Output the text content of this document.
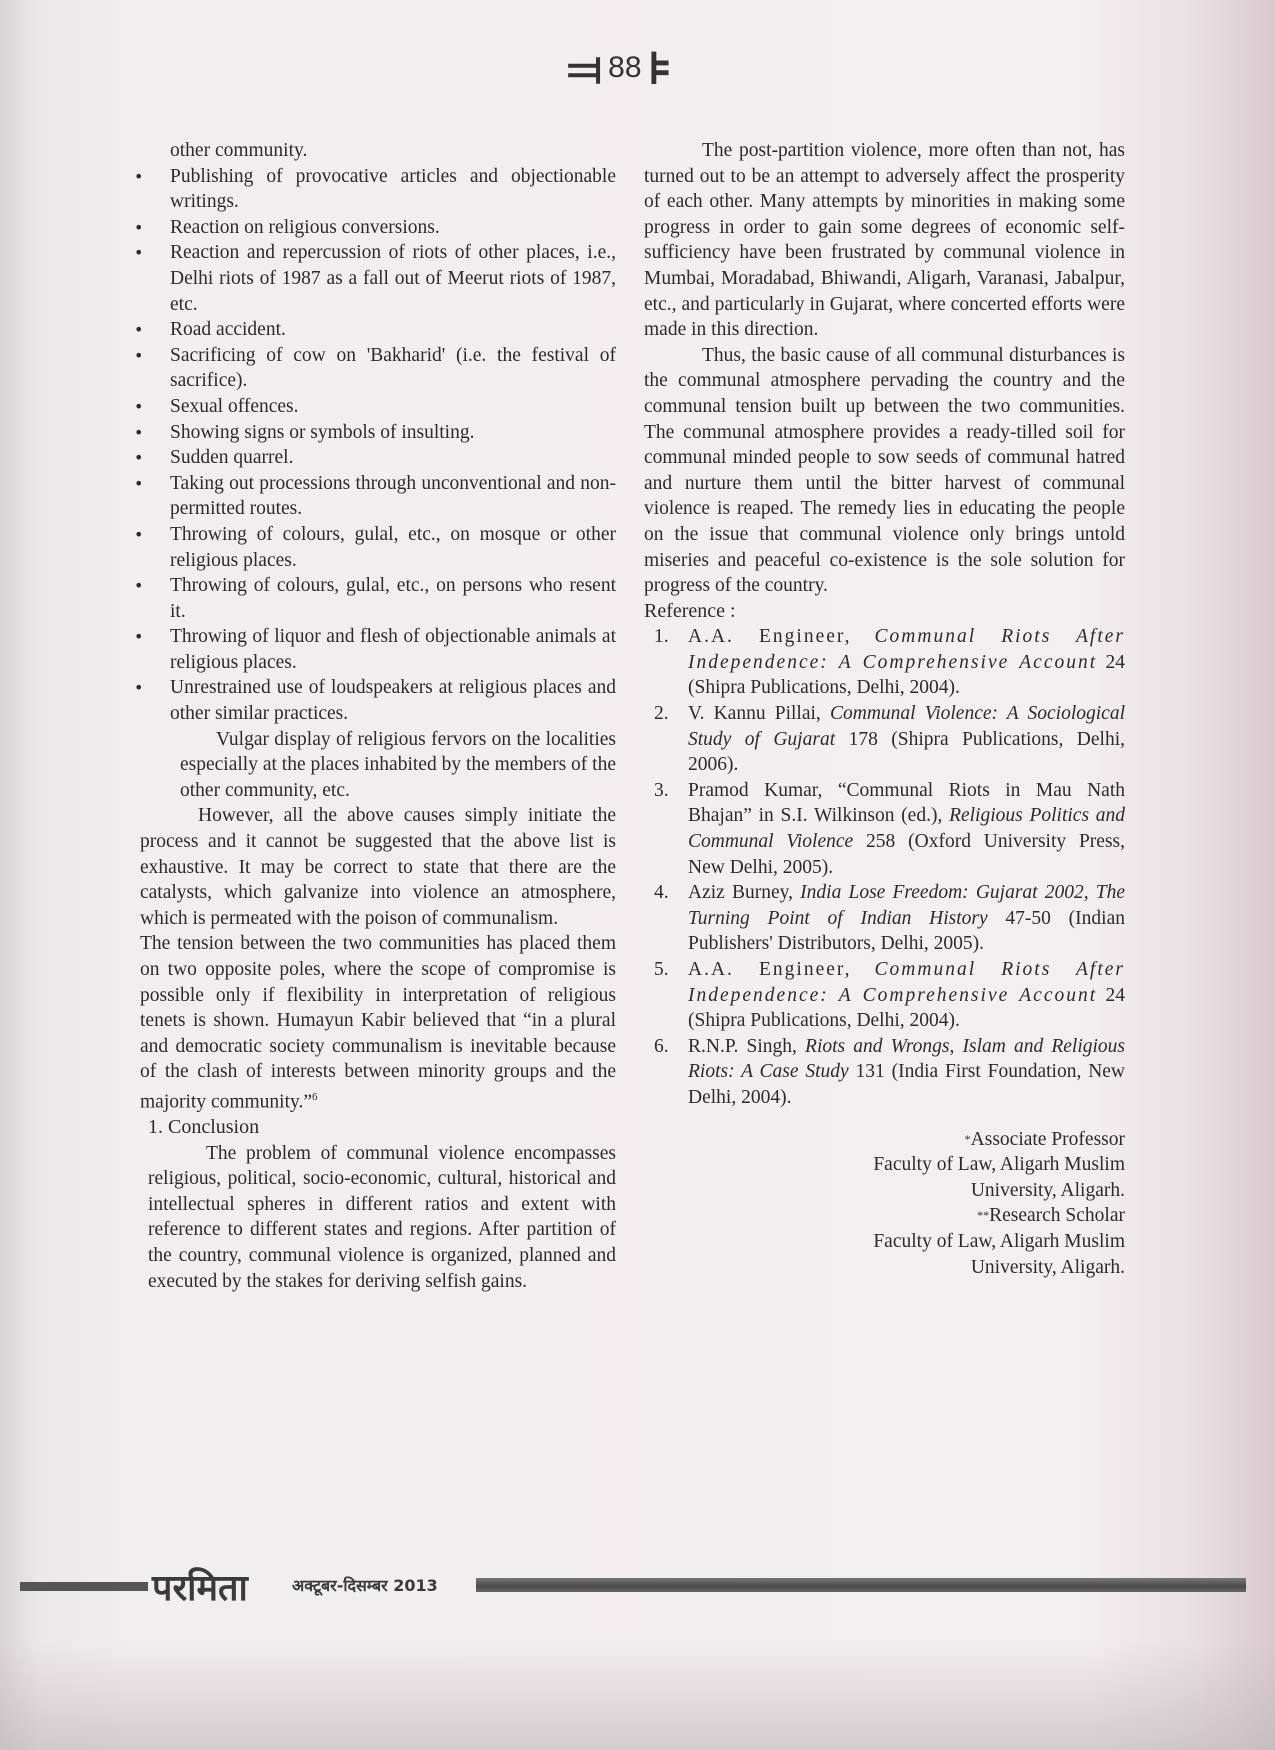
⫤ 88 ⊧

other community.

• Publishing of provocative articles and objectionable writings.
• Reaction on religious conversions.
• Reaction and repercussion of riots of other places, i.e., Delhi riots of 1987 as a fall out of Meerut riots of 1987, etc.
• Road accident.
• Sacrificing of cow on 'Bakharid' (i.e. the festival of sacrifice).
• Sexual offences.
• Showing signs or symbols of insulting.
• Sudden quarrel.
• Taking out processions through unconventional and non-permitted routes.
• Throwing of colours, gulal, etc., on mosque or other religious places.
• Throwing of colours, gulal, etc., on persons who resent it.
• Throwing of liquor and flesh of objectionable animals at religious places.
• Unrestrained use of loudspeakers at religious places and other similar practices.

Vulgar display of religious fervors on the localities especially at the places inhabited by the members of the other community, etc.

However, all the above causes simply initiate the process and it cannot be suggested that the above list is exhaustive. It may be correct to state that there are the catalysts, which galvanize into violence an atmosphere, which is permeated with the poison of communalism.

The tension between the two communities has placed them on two opposite poles, where the scope of compromise is possible only if flexibility in interpretation of religious tenets is shown. Humayun Kabir believed that “in a plural and democratic society communalism is inevitable because of the clash of interests between minority groups and the majority community.”$^6$

1. Conclusion

The problem of communal violence encompasses religious, political, socio-economic, cultural, historical and intellectual spheres in different ratios and extent with reference to different states and regions. After partition of the country, communal violence is organized, planned and executed by the stakes for deriving selfish gains.

The post-partition violence, more often than not, has turned out to be an attempt to adversely affect the prosperity of each other. Many attempts by minorities in making some progress in order to gain some degrees of economic self-sufficiency have been frustrated by communal violence in Mumbai, Moradabad, Bhiwandi, Aligarh, Varanasi, Jabalpur, etc., and particularly in Gujarat, where concerted efforts were made in this direction.

Thus, the basic cause of all communal disturbances is the communal atmosphere pervading the country and the communal tension built up between the two communities. The communal atmosphere provides a ready-tilled soil for communal minded people to sow seeds of communal hatred and nurture them until the bitter harvest of communal violence is reaped. The remedy lies in educating the people on the issue that communal violence only brings untold miseries and peaceful co-existence is the sole solution for progress of the country.

Reference :
1. A.A. Engineer, Communal Riots After Independence: A Comprehensive Account 24 (Shipra Publications, Delhi, 2004).
2. V. Kannu Pillai, Communal Violence: A Sociological Study of Gujarat 178 (Shipra Publications, Delhi, 2006).
3. Pramod Kumar, “Communal Riots in Mau Nath Bhajan” in S.I. Wilkinson (ed.), Religious Politics and Communal Violence 258 (Oxford University Press, New Delhi, 2005).
4. Aziz Burney, India Lose Freedom: Gujarat 2002, The Turning Point of Indian History 47-50 (Indian Publishers' Distributors, Delhi, 2005).
5. A.A. Engineer, Communal Riots After Independence: A Comprehensive Account 24 (Shipra Publications, Delhi, 2004).
6. R.N.P. Singh, Riots and Wrongs, Islam and Religious Riots: A Case Study 131 (India First Foundation, New Delhi, 2004).
*Associate Professor
Faculty of Law, Aligarh Muslim
University, Aligarh.
**Research Scholar
Faculty of Law, Aligarh Muslim
University, Aligarh.
परमिता	अक्टूबर-दिसम्बर 2013
